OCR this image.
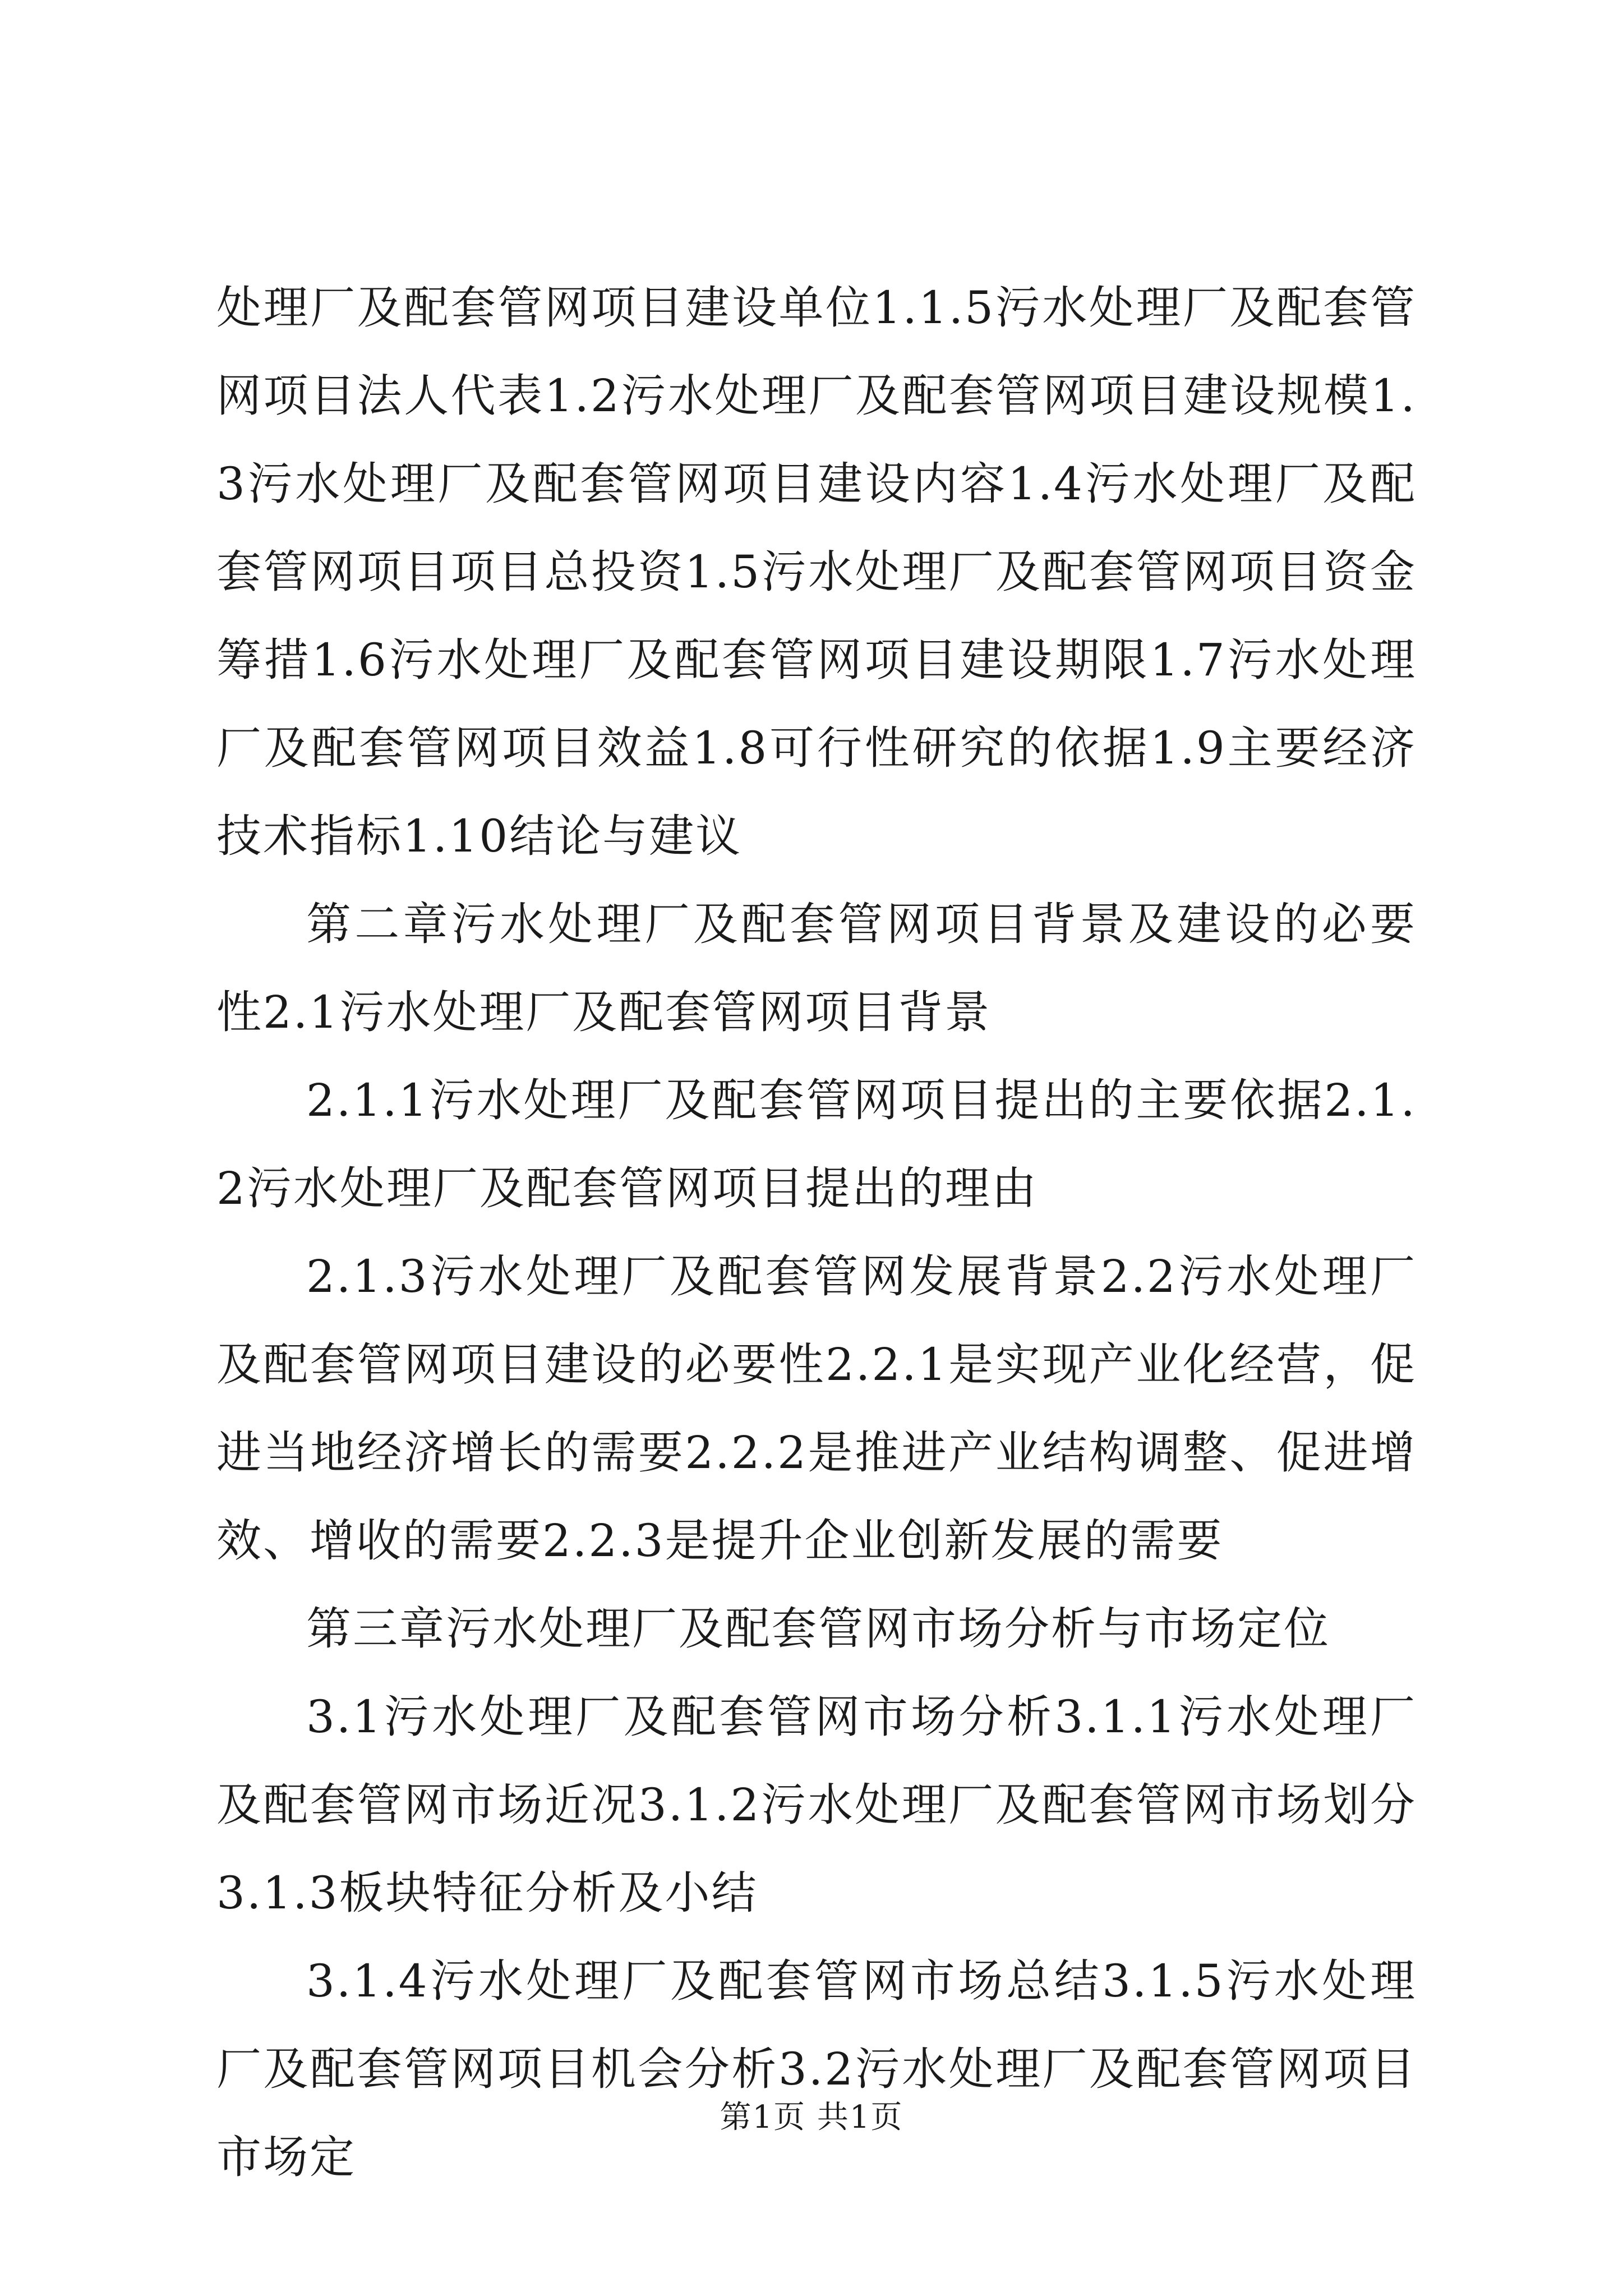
处理厂及配套管网项目建设单位1.1.5污水处理厂及配套管网项目法人代表1.2污水处理厂及配套管网项目建设规模1.3污水处理厂及配套管网项目建设内容1.4污水处理厂及配套管网项目项目总投资1.5污水处理厂及配套管网项目资金筹措1.6污水处理厂及配套管网项目建设期限1.7污水处理厂及配套管网项目效益1.8可行性研究的依据1.9主要经济技术指标1.10结论与建议

第二章污水处理厂及配套管网项目背景及建设的必要性2.1污水处理厂及配套管网项目背景

2.1.1污水处理厂及配套管网项目提出的主要依据2.1.2污水处理厂及配套管网项目提出的理由

2.1.3污水处理厂及配套管网发展背景2.2污水处理厂及配套管网项目建设的必要性2.2.1是实现产业化经营，促进当地经济增长的需要2.2.2是推进产业结构调整、促进增效、增收的需要2.2.3是提升企业创新发展的需要

第三章污水处理厂及配套管网市场分析与市场定位

3.1污水处理厂及配套管网市场分析3.1.1污水处理厂及配套管网市场近况3.1.2污水处理厂及配套管网市场划分3.1.3板块特征分析及小结

3.1.4污水处理厂及配套管网市场总结3.1.5污水处理厂及配套管网项目机会分析3.2污水处理厂及配套管网项目市场定

第1页 共1页
